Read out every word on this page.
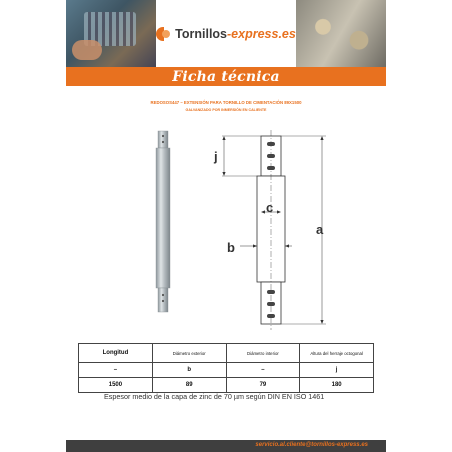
Tornillos-express.es
Ficha técnica
REDOSOS447 – EXTENSIÓN PARA TORNILLO DE CIMENTACIÓN 89X1500
GALVANIZADO POR INMERSIÓN EN CALIENTE
j
c
b
a
Longitud	Diámetro exterior	Diámetro interior	Altura del herraje octogonal
–	b	–	j
1500	89	79	180
Espesor medio de la capa de zinc de 70 µm según DIN EN ISO 1461
servicio.al.cliente@tornillos-express.es
